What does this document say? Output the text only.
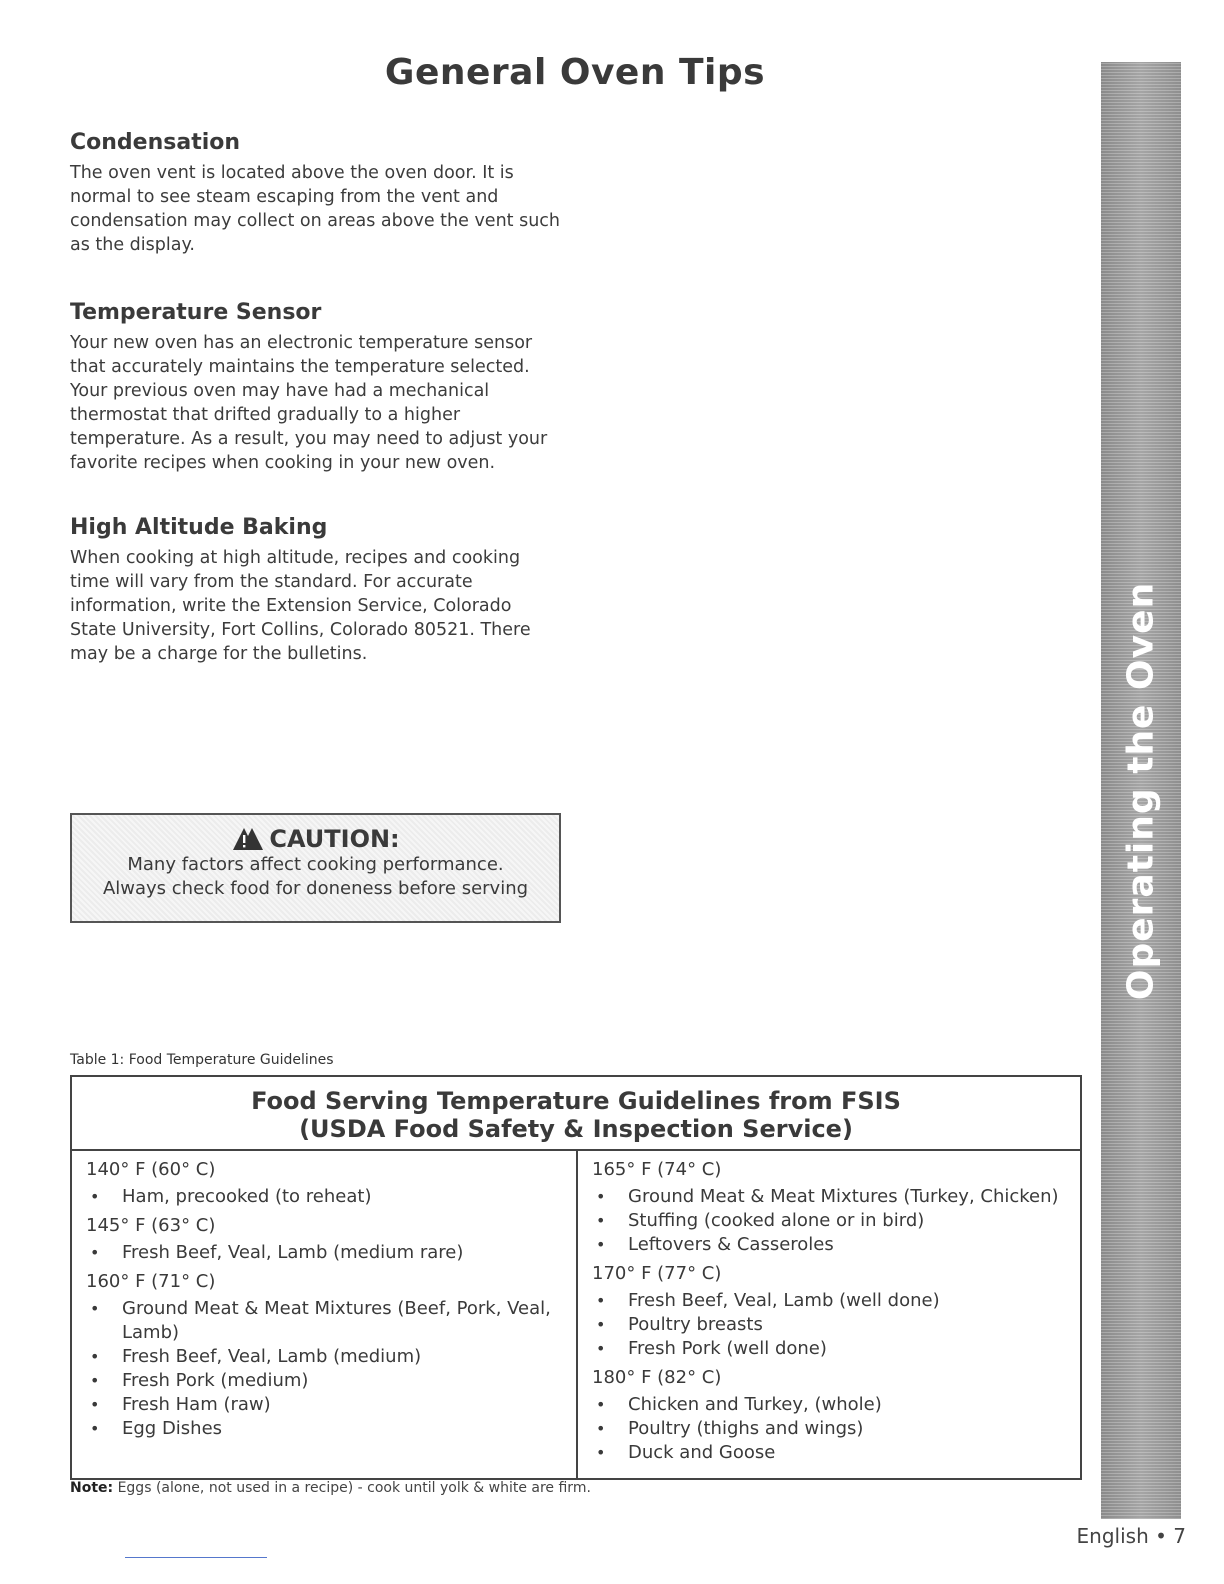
General Oven Tips
Condensation

The oven vent is located above the oven door. It is
normal to see steam escaping from the vent and
condensation may collect on areas above the vent such
as the display.

Temperature Sensor

Your new oven has an electronic temperature sensor
that accurately maintains the temperature selected.
Your previous oven may have had a mechanical
thermostat that drifted gradually to a higher
temperature. As a result, you may need to adjust your
favorite recipes when cooking in your new oven.

High Altitude Baking

When cooking at high altitude, recipes and cooking
time will vary from the standard. For accurate
information, write the Extension Service, Colorado
State University, Fort Collins, Colorado 80521. There
may be a charge for the bulletins.

CAUTION:
Many factors affect cooking performance.
Always check food for doneness before serving
Table 1: Food Temperature Guidelines
Food Serving Temperature Guidelines from FSIS
(USDA Food Safety & Inspection Service)
140° F (60° C)
• Ham, precooked (to reheat)
145° F (63° C)
• Fresh Beef, Veal, Lamb (medium rare)
160° F (71° C)
• Ground Meat & Meat Mixtures (Beef, Pork, Veal, Lamb)
• Fresh Beef, Veal, Lamb (medium)
• Fresh Pork (medium)
• Fresh Ham (raw)
• Egg Dishes
165° F (74° C)
• Ground Meat & Meat Mixtures (Turkey, Chicken)
• Stuffing (cooked alone or in bird)
• Leftovers & Casseroles
170° F (77° C)
• Fresh Beef, Veal, Lamb (well done)
• Poultry breasts
• Fresh Pork (well done)
180° F (82° C)
• Chicken and Turkey, (whole)
• Poultry (thighs and wings)
• Duck and Goose
Note: Eggs (alone, not used in a recipe) - cook until yolk & white are firm.
Operating the Oven
English • 7
